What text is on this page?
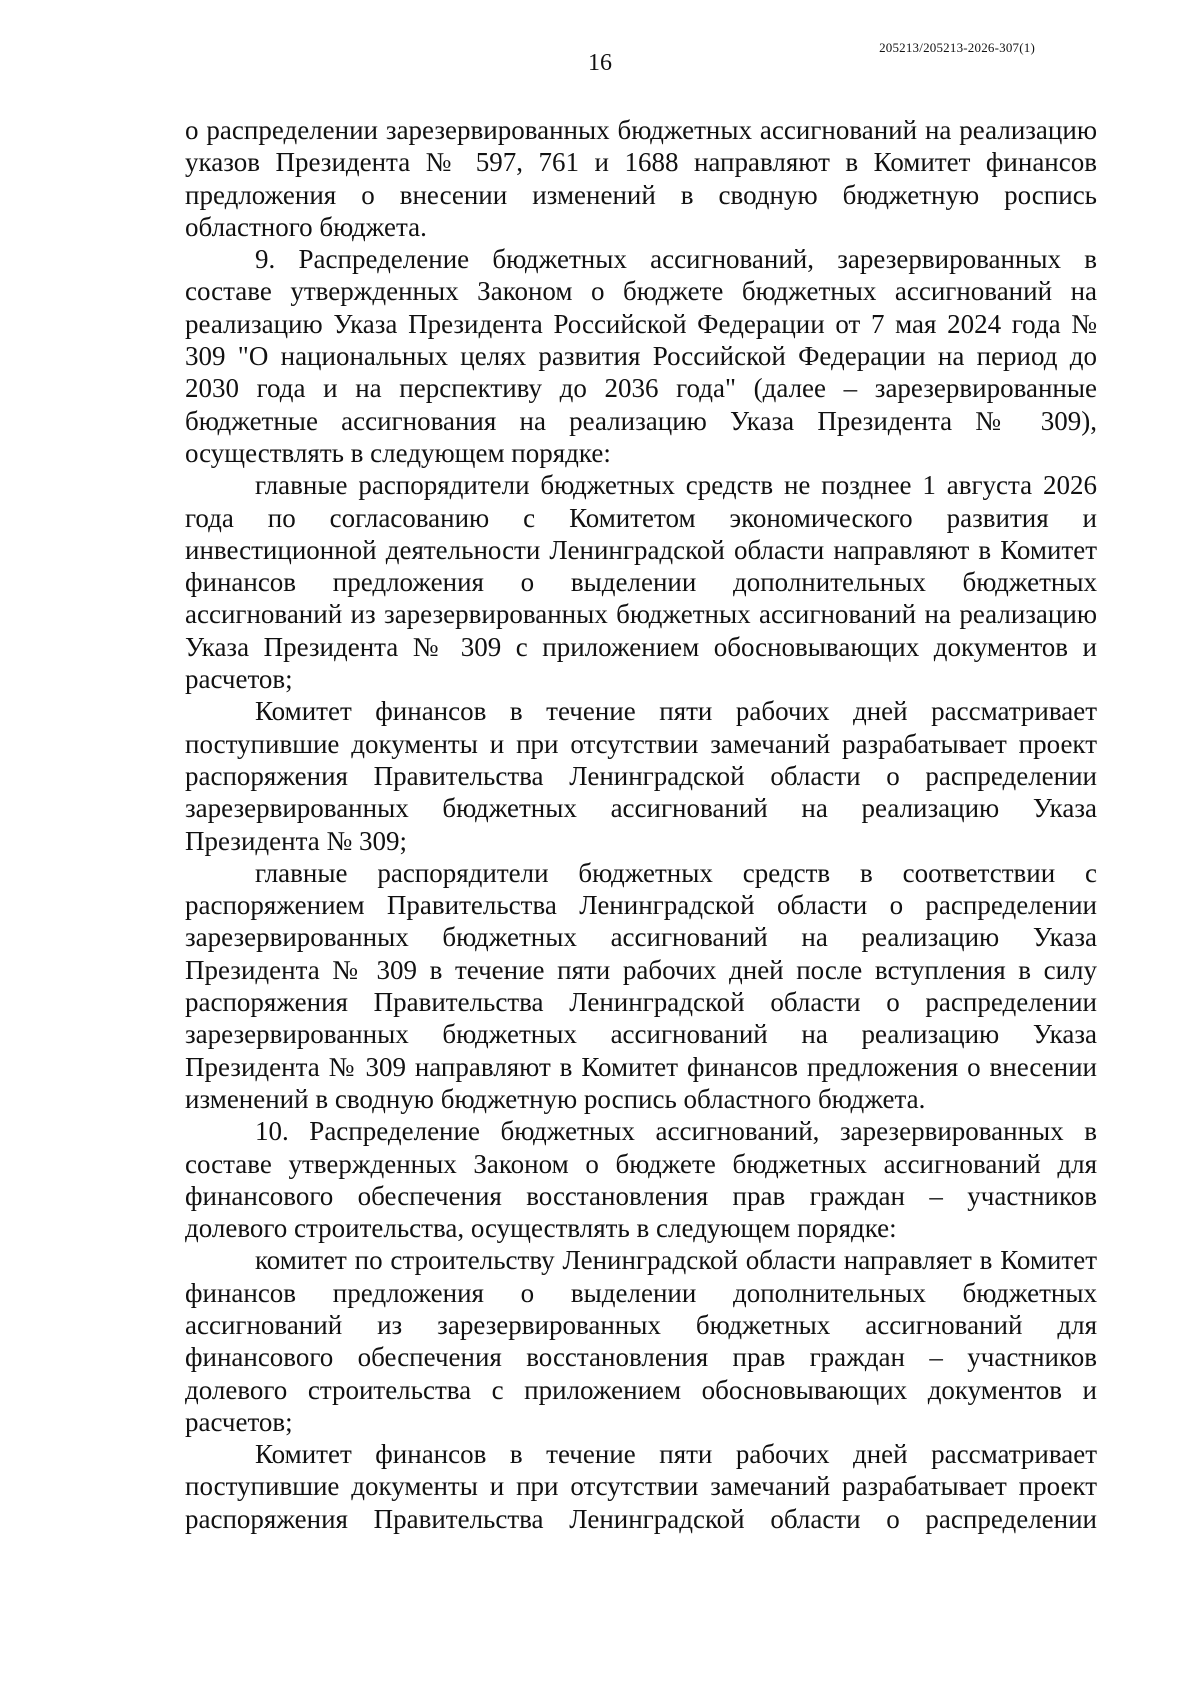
205213/205213-2026-307(1)
16

о распределении зарезервированных бюджетных ассигнований на реализацию указов Президента № 597, 761 и 1688 направляют в Комитет финансов предложения о внесении изменений в сводную бюджетную роспись областного бюджета.

9. Распределение бюджетных ассигнований, зарезервированных в составе утвержденных Законом о бюджете бюджетных ассигнований на реализацию Указа Президента Российской Федерации от 7 мая 2024 года № 309 "О национальных целях развития Российской Федерации на период до 2030 года и на перспективу до 2036 года" (далее – зарезервированные бюджетные ассигнования на реализацию Указа Президента № 309), осуществлять в следующем порядке:

главные распорядители бюджетных средств не позднее 1 августа 2026 года по согласованию с Комитетом экономического развития и инвестиционной деятельности Ленинградской области направляют в Комитет финансов предложения о выделении дополнительных бюджетных ассигнований из зарезервированных бюджетных ассигнований на реализацию Указа Президента № 309 с приложением обосновывающих документов и расчетов;

Комитет финансов в течение пяти рабочих дней рассматривает поступившие документы и при отсутствии замечаний разрабатывает проект распоряжения Правительства Ленинградской области о распределении зарезервированных бюджетных ассигнований на реализацию Указа Президента № 309;

главные распорядители бюджетных средств в соответствии с распоряжением Правительства Ленинградской области о распределении зарезервированных бюджетных ассигнований на реализацию Указа Президента № 309 в течение пяти рабочих дней после вступления в силу распоряжения Правительства Ленинградской области о распределении зарезервированных бюджетных ассигнований на реализацию Указа Президента № 309 направляют в Комитет финансов предложения о внесении изменений в сводную бюджетную роспись областного бюджета.

10. Распределение бюджетных ассигнований, зарезервированных в составе утвержденных Законом о бюджете бюджетных ассигнований для финансового обеспечения восстановления прав граждан – участников долевого строительства, осуществлять в следующем порядке:

комитет по строительству Ленинградской области направляет в Комитет финансов предложения о выделении дополнительных бюджетных ассигнований из зарезервированных бюджетных ассигнований для финансового обеспечения восстановления прав граждан – участников долевого строительства с приложением обосновывающих документов и расчетов;

Комитет финансов в течение пяти рабочих дней рассматривает поступившие документы и при отсутствии замечаний разрабатывает проект распоряжения Правительства Ленинградской области о распределении
